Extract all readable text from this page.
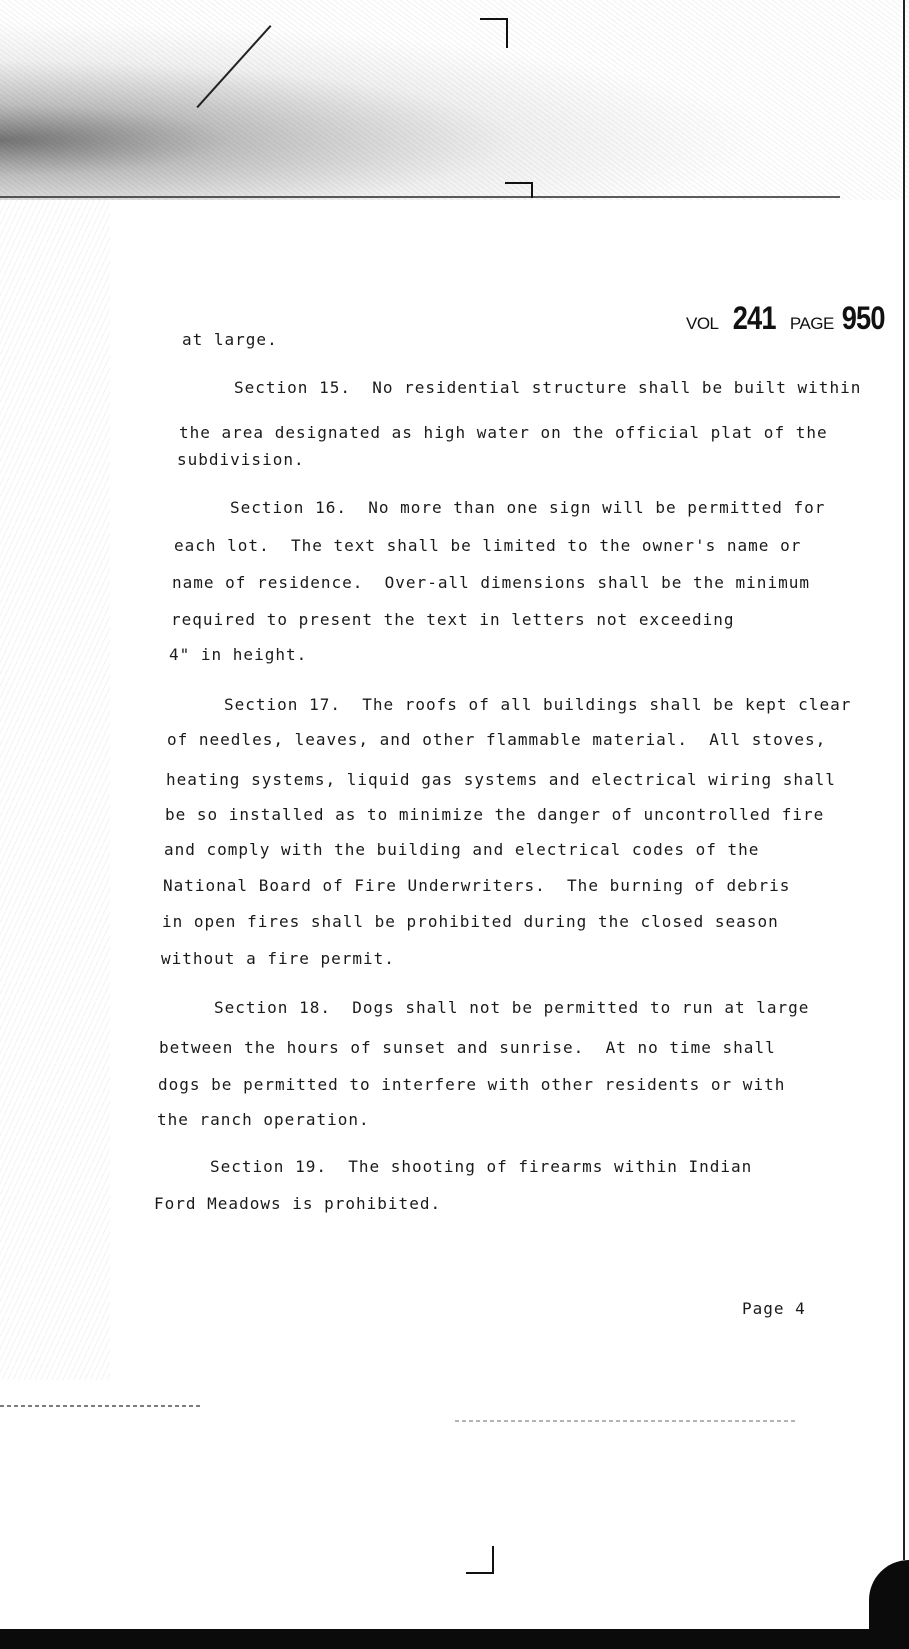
VOL 241 PAGE 950
at large.
Section 15.  No residential structure shall be built within
the area designated as high water on the official plat of the
subdivision.
Section 16.  No more than one sign will be permitted for
each lot.  The text shall be limited to the owner's name or
name of residence.  Over-all dimensions shall be the minimum
required to present the text in letters not exceeding
4" in height.
Section 17.  The roofs of all buildings shall be kept clear
of needles, leaves, and other flammable material.  All stoves,
heating systems, liquid gas systems and electrical wiring shall
be so installed as to minimize the danger of uncontrolled fire
and comply with the building and electrical codes of the
National Board of Fire Underwriters.  The burning of debris
in open fires shall be prohibited during the closed season
without a fire permit.
Section 18.  Dogs shall not be permitted to run at large
between the hours of sunset and sunrise.  At no time shall
dogs be permitted to interfere with other residents or with
the ranch operation.
Section 19.  The shooting of firearms within Indian
Ford Meadows is prohibited.
Page 4
